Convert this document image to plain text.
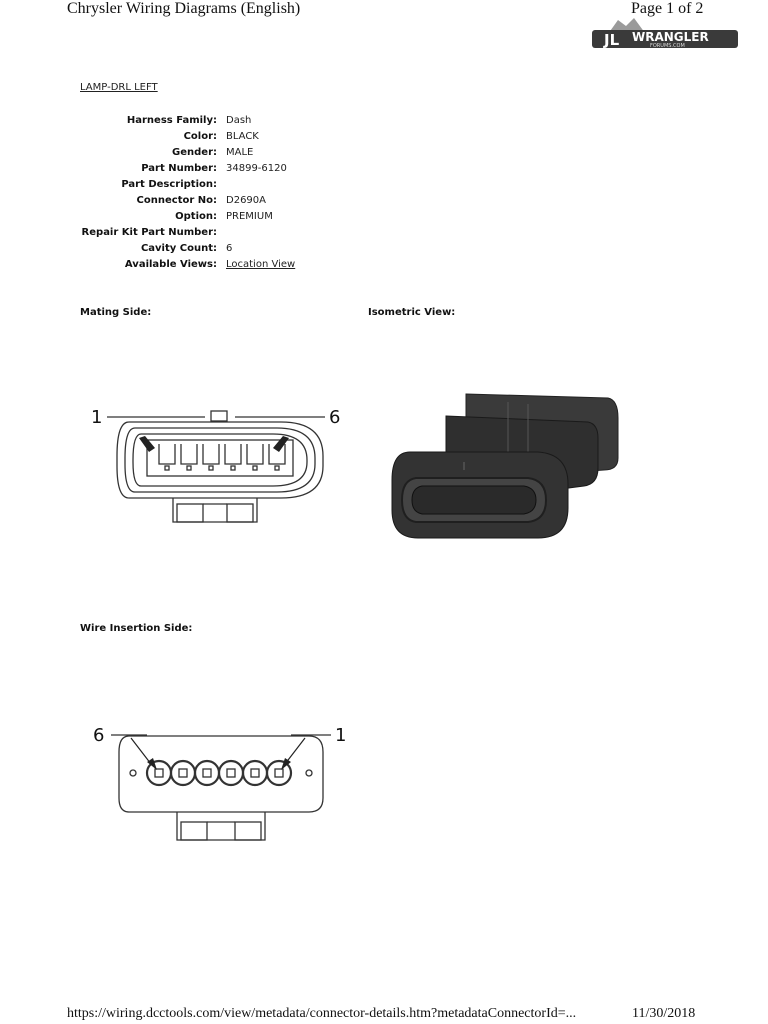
Chrysler Wiring Diagrams (English)	Page 1 of 2
JL WRANGLER
FORUMS.COM
LAMP-DRL LEFT
Harness Family: Dash
Color: BLACK
Gender: MALE
Part Number: 34899-6120
Part Description:
Connector No: D2690A
Option: PREMIUM
Repair Kit Part Number:
Cavity Count: 6
Available Views: Location View
Mating Side:	Isometric View:
Wire Insertion Side:
1	6
6	1
https://wiring.dcctools.com/view/metadata/connector-details.htm?metadataConnectorId=...	11/30/2018
